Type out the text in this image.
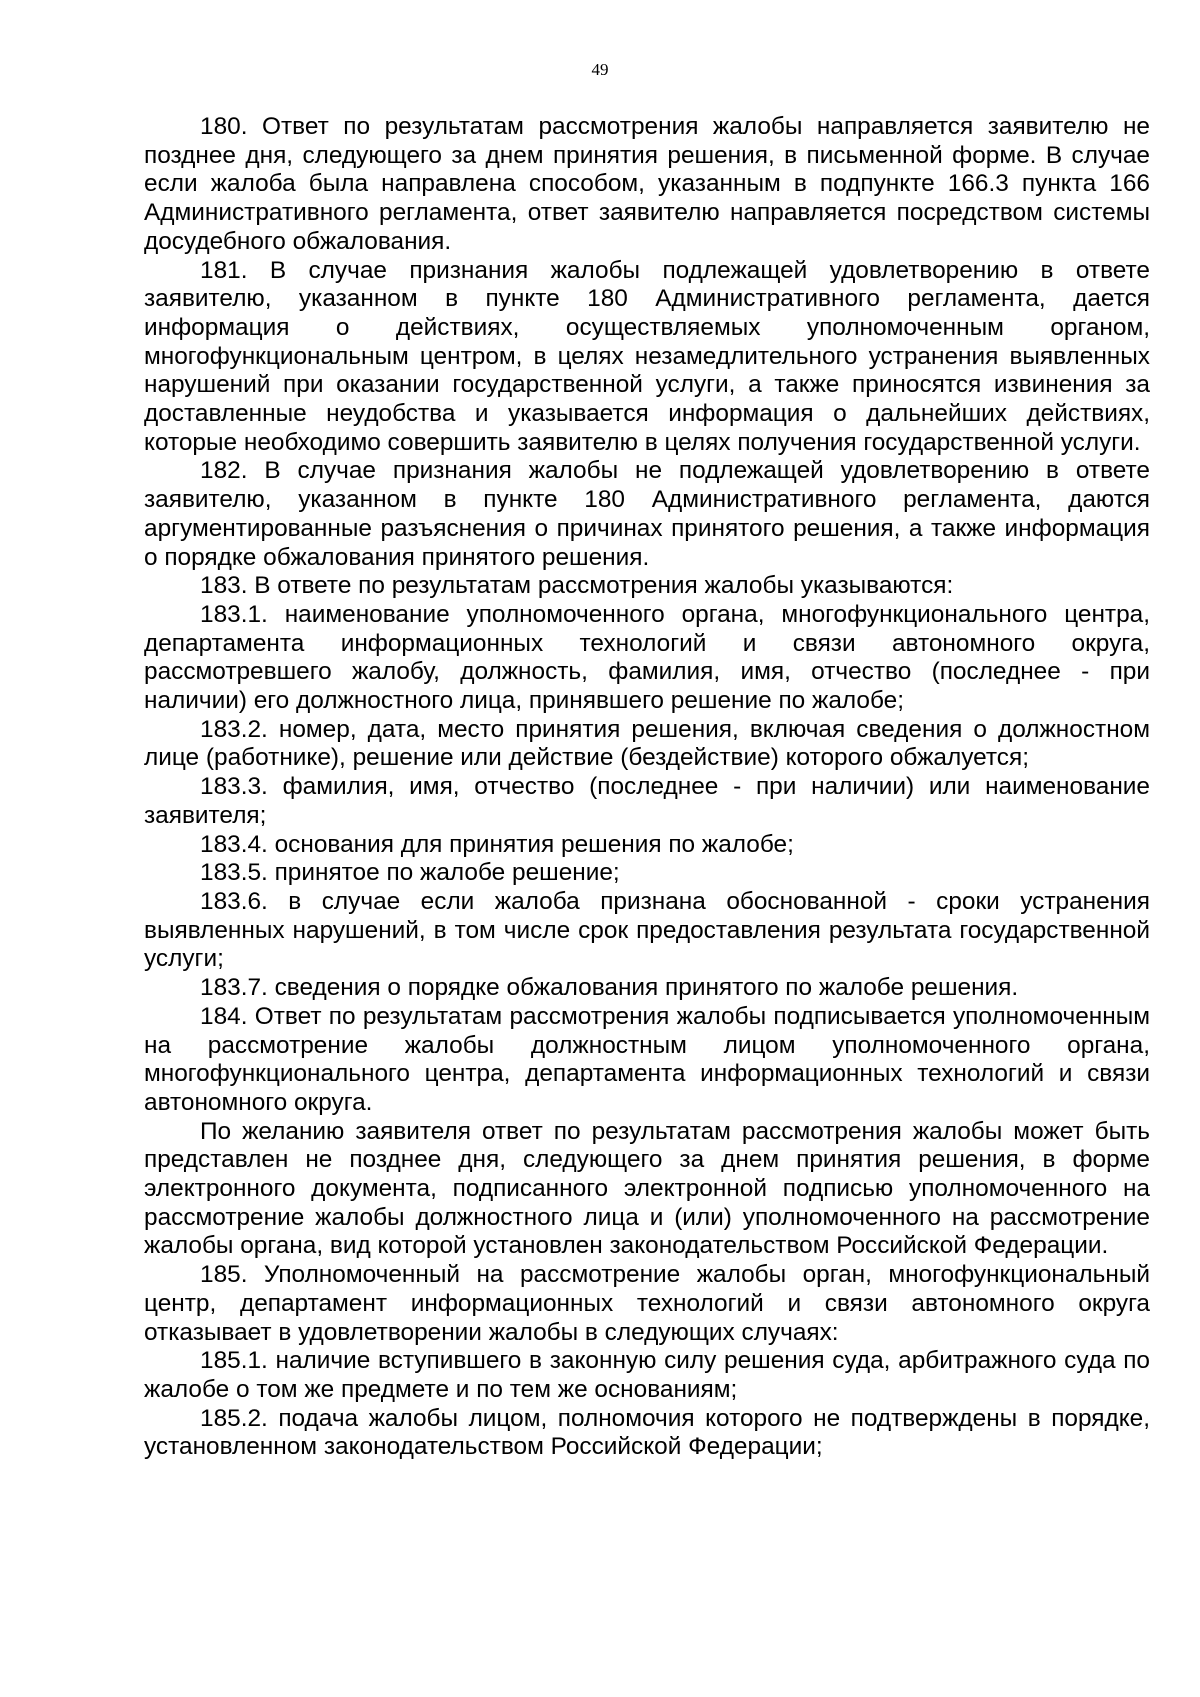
49

180. Ответ по результатам рассмотрения жалобы направляется заявителю не позднее дня, следующего за днем принятия решения, в письменной форме. В случае если жалоба была направлена способом, указанным в подпункте 166.3 пункта 166 Административного регламента, ответ заявителю направляется посредством системы досудебного обжалования.

181. В случае признания жалобы подлежащей удовлетворению в ответе заявителю, указанном в пункте 180 Административного регламента, дается информация о действиях, осуществляемых уполномоченным органом, многофункциональным центром, в целях незамедлительного устранения выявленных нарушений при оказании государственной услуги, а также приносятся извинения за доставленные неудобства и указывается информация о дальнейших действиях, которые необходимо совершить заявителю в целях получения государственной услуги.

182. В случае признания жалобы не подлежащей удовлетворению в ответе заявителю, указанном в пункте 180 Административного регламента, даются аргументированные разъяснения о причинах принятого решения, а также информация о порядке обжалования принятого решения.

183. В ответе по результатам рассмотрения жалобы указываются:

183.1. наименование уполномоченного органа, многофункционального центра, департамента информационных технологий и связи автономного округа, рассмотревшего жалобу, должность, фамилия, имя, отчество (последнее - при наличии) его должностного лица, принявшего решение по жалобе;

183.2. номер, дата, место принятия решения, включая сведения о должностном лице (работнике), решение или действие (бездействие) которого обжалуется;

183.3. фамилия, имя, отчество (последнее - при наличии) или наименование заявителя;

183.4. основания для принятия решения по жалобе;

183.5. принятое по жалобе решение;

183.6. в случае если жалоба признана обоснованной - сроки устранения выявленных нарушений, в том числе срок предоставления результата государственной услуги;

183.7. сведения о порядке обжалования принятого по жалобе решения.

184. Ответ по результатам рассмотрения жалобы подписывается уполномоченным на рассмотрение жалобы должностным лицом уполномоченного органа, многофункционального центра, департамента информационных технологий и связи автономного округа.

По желанию заявителя ответ по результатам рассмотрения жалобы может быть представлен не позднее дня, следующего за днем принятия решения, в форме электронного документа, подписанного электронной подписью уполномоченного на рассмотрение жалобы должностного лица и (или) уполномоченного на рассмотрение жалобы органа, вид которой установлен законодательством Российской Федерации.

185. Уполномоченный на рассмотрение жалобы орган, многофункциональный центр, департамент информационных технологий и связи автономного округа отказывает в удовлетворении жалобы в следующих случаях:

185.1. наличие вступившего в законную силу решения суда, арбитражного суда по жалобе о том же предмете и по тем же основаниям;

185.2. подача жалобы лицом, полномочия которого не подтверждены в порядке, установленном законодательством Российской Федерации;
